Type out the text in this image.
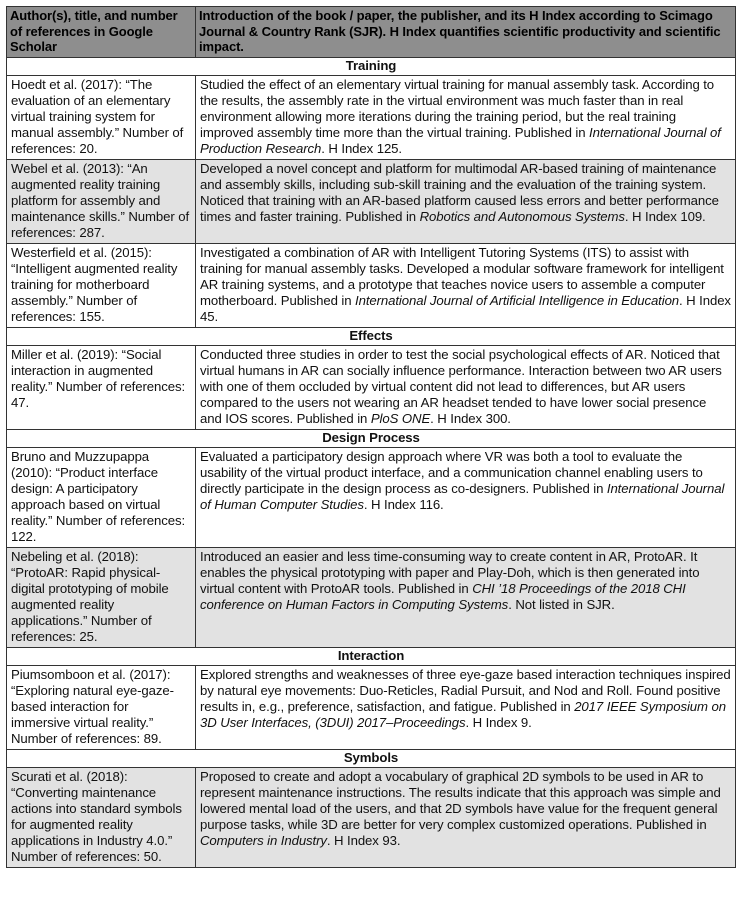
Author(s), title, and number of references in Google Scholar	Introduction of the book / paper, the publisher, and its H Index according to Scimago Journal & Country Rank (SJR). H Index quantifies scientific productivity and scientific impact.
Training	
Hoedt et al. (2017): “The evaluation of an elementary virtual training system for manual assembly.” Number of references: 20.	Studied the effect of an elementary virtual training for manual assembly task. According to the results, the assembly rate in the virtual environment was much faster than in real environment allowing more iterations during the training period, but the real training improved assembly time more than the virtual training. Published in International Journal of Production Research. H Index 125.
Webel et al. (2013): “An augmented reality training platform for assembly and maintenance skills.” Number of references: 287.	Developed a novel concept and platform for multimodal AR-based training of maintenance and assembly skills, including sub-skill training and the evaluation of the training system. Noticed that training with an AR-based platform caused less errors and better performance times and faster training. Published in Robotics and Autonomous Systems. H Index 109.
Westerfield et al. (2015): “Intelligent augmented reality training for motherboard assembly.” Number of references: 155.	Investigated a combination of AR with Intelligent Tutoring Systems (ITS) to assist with training for manual assembly tasks. Developed a modular software framework for intelligent AR training systems, and a prototype that teaches novice users to assemble a computer motherboard. Published in International Journal of Artificial Intelligence in Education. H Index 45.
Effects	
Miller et al. (2019): “Social interaction in augmented reality.” Number of references: 47.	Conducted three studies in order to test the social psychological effects of AR. Noticed that virtual humans in AR can socially influence performance. Interaction between two AR users with one of them occluded by virtual content did not lead to differences, but AR users compared to the users not wearing an AR headset tended to have lower social presence and IOS scores. Published in PloS ONE. H Index 300.
Design Process	
Bruno and Muzzupappa (2010): “Product interface design: A participatory approach based on virtual reality.” Number of references: 122.	Evaluated a participatory design approach where VR was both a tool to evaluate the usability of the virtual product interface, and a communication channel enabling users to directly participate in the design process as co-designers. Published in International Journal of Human Computer Studies. H Index 116.
Nebeling et al. (2018): “ProtoAR: Rapid physical-digital prototyping of mobile augmented reality applications.” Number of references: 25.	Introduced an easier and less time-consuming way to create content in AR, ProtoAR. It enables the physical prototyping with paper and Play-Doh, which is then generated into virtual content with ProtoAR tools. Published in CHI ’18 Proceedings of the 2018 CHI conference on Human Factors in Computing Systems. Not listed in SJR.
Interaction	
Piumsomboon et al. (2017): “Exploring natural eye-gaze-based interaction for immersive virtual reality.” Number of references: 89.	Explored strengths and weaknesses of three eye-gaze based interaction techniques inspired by natural eye movements: Duo-Reticles, Radial Pursuit, and Nod and Roll. Found positive results in, e.g., preference, satisfaction, and fatigue. Published in 2017 IEEE Symposium on 3D User Interfaces, (3DUI) 2017–Proceedings. H Index 9.
Symbols	
Scurati et al. (2018): “Converting maintenance actions into standard symbols for augmented reality applications in Industry 4.0.” Number of references: 50.	Proposed to create and adopt a vocabulary of graphical 2D symbols to be used in AR to represent maintenance instructions. The results indicate that this approach was simple and lowered mental load of the users, and that 2D symbols have value for the frequent general purpose tasks, while 3D are better for very complex customized operations. Published in Computers in Industry. H Index 93.
